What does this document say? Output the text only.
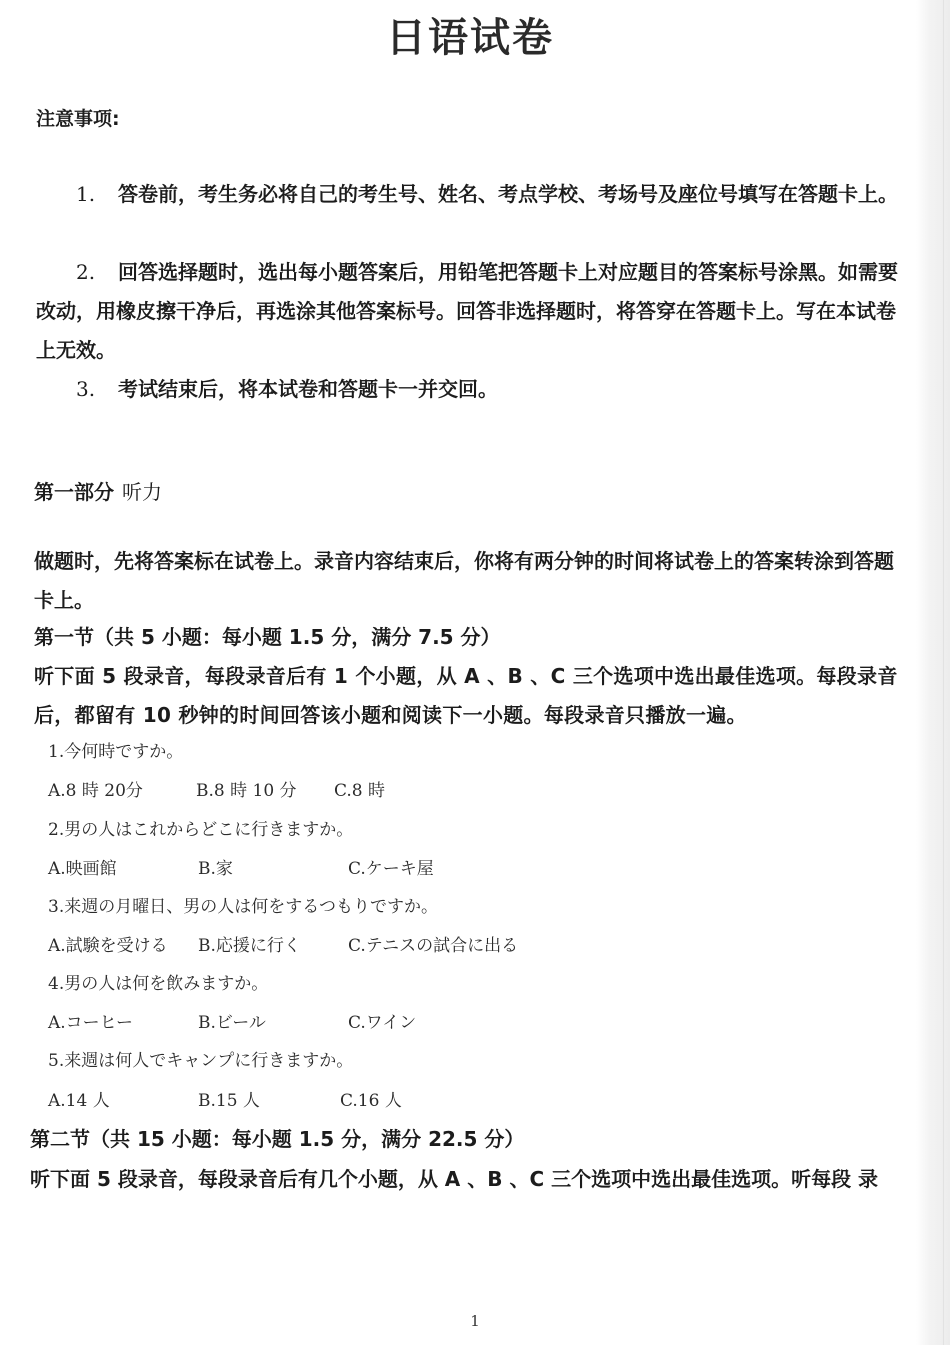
日语试卷
注意事项:
1. 答卷前，考生务必将自己的考生号、姓名、考点学校、考场号及座位号填写在答题卡上。
2. 回答选择题时，选出每小题答案后，用铅笔把答题卡上对应题目的答案标号涂黑。如需要改动，用橡皮擦干净后，再选涂其他答案标号。回答非选择题时，将答穿在答题卡上。写在本试卷上无效。
3. 考试结束后，将本试卷和答题卡一并交回。
第一部分 听力
做题时，先将答案标在试卷上。录音内容结束后，你将有两分钟的时间将试卷上的答案转涂到答题卡上。
第一节（共 5 小题：每小题 1.5 分，满分 7.5 分）
听下面 5 段录音，每段录音后有 1 个小题，从 A 、B 、C 三个选项中选出最佳选项。每段录音后，都留有 10 秒钟的时间回答该小题和阅读下一小题。每段录音只播放一遍。
1.今何時ですか。
A.8 時 20分	B.8 時 10 分 C.8 時
2.男の人はこれからどこに行きますか。
A.映画館	B.家	C.ケーキ屋
3.来週の月曜日、男の人は何をするつもりですか。
A.試験を受ける B.応援に行く	C.テニスの試合に出る
4.男の人は何を飲みますか。
A.コーヒー	B.ビール	C.ワイン
5.来週は何人でキャンプに行きますか。
A.14 人	B.15 人	C.16 人
第二节（共 15 小题：每小题 1.5 分，满分 22.5 分）
听下面 5 段录音，每段录音后有几个小题，从 A 、B 、C 三个选项中选出最佳选项。听每段 录
1
